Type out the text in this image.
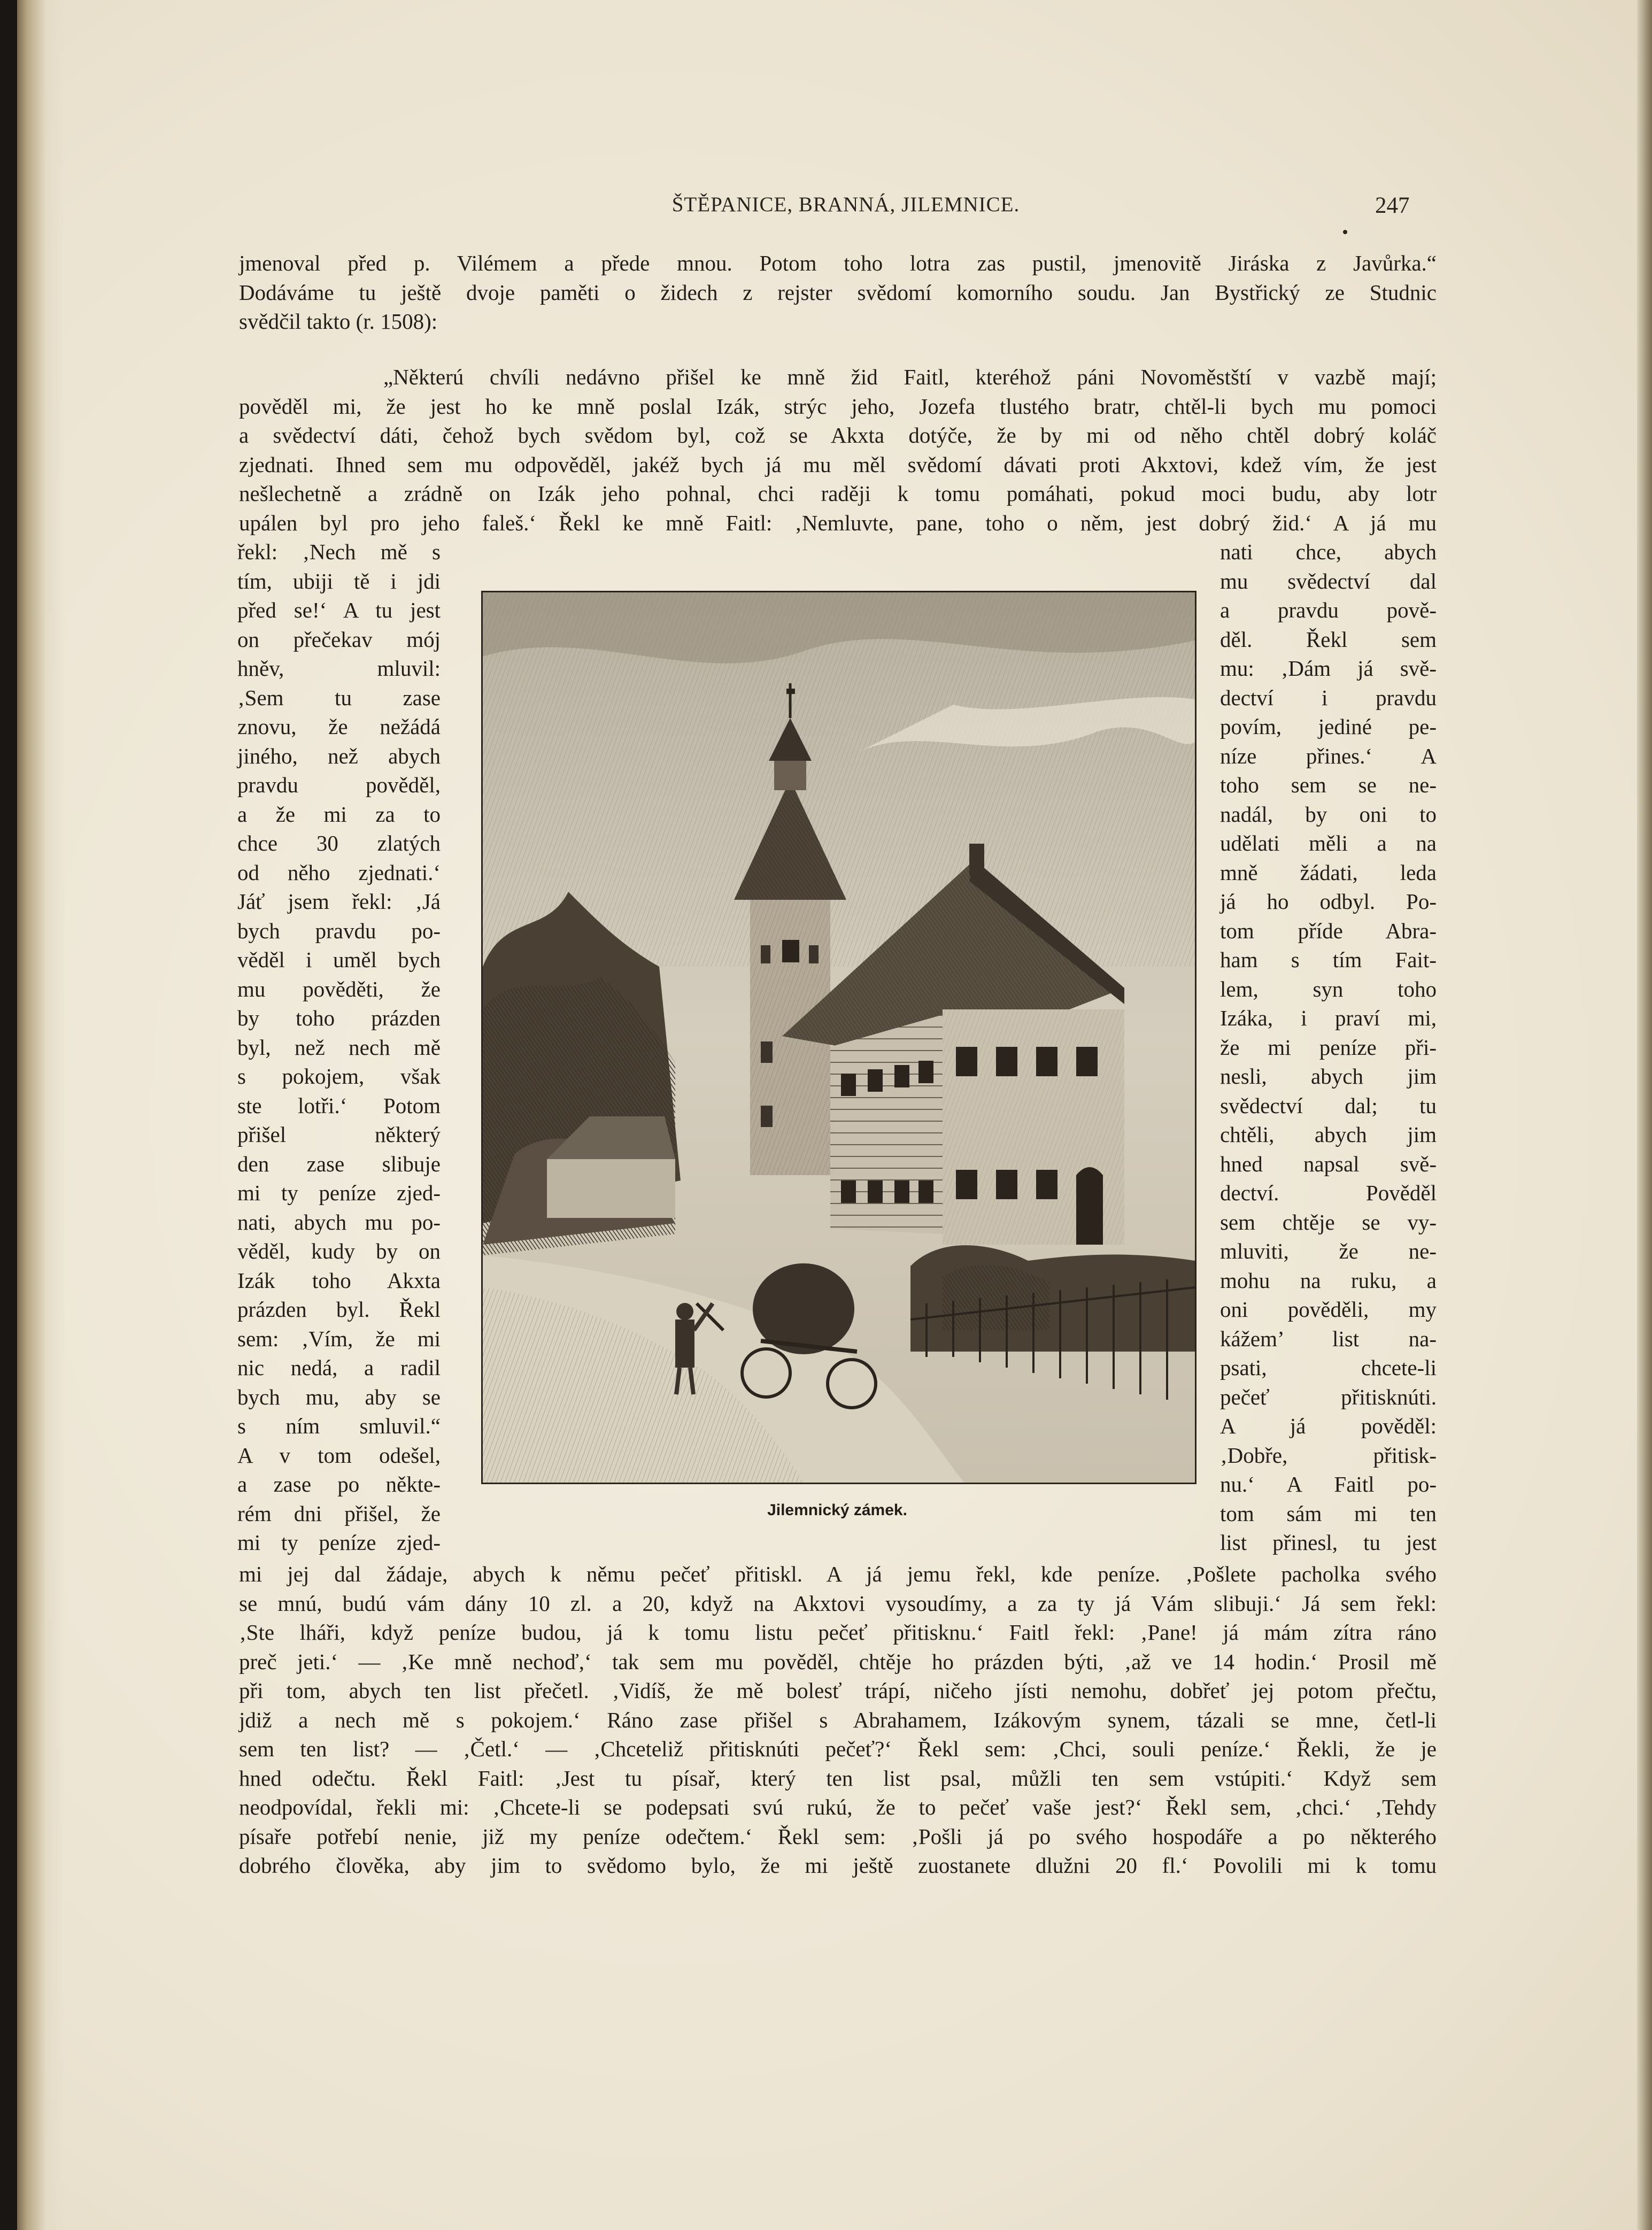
ŠTĚPANICE, BRANNÁ, JILEMNICE.	247
jmenoval před p. Vilémem a přede mnou. Potom toho lotra zas pustil, jmenovitě Jiráska z Javůrka.“
Dodáváme tu ještě dvoje paměti o židech z rejster svědomí komorního soudu. Jan Bystřický ze Studnic
svědčil takto (r. 1508):
„Některú chvíli nedávno přišel ke mně žid Faitl, kteréhož páni Novoměstští v vazbě mají;
pověděl mi, že jest ho ke mně poslal Izák, strýc jeho, Jozefa tlustého bratr, chtěl-li bych mu pomoci
a svědectví dáti, čehož bych svědom byl, což se Akxta dotýče, že by mi od něho chtěl dobrý koláč
zjednati. Ihned sem mu odpověděl, jakéž bych já mu měl svědomí dávati proti Akxtovi, kdež vím, že jest
nešlechetně a zrádně on Izák jeho pohnal, chci raději k tomu pomáhati, pokud moci budu, aby lotr
upálen byl pro jeho faleš.‘ Řekl ke mně Faitl: ‚Nemluvte, pane, toho o něm, jest dobrý žid.‘ A já mu
řekl: ‚Nech mě s
tím, ubiji tě i jdi
před se!‘ A tu jest
on přečekav mój
hněv, mluvil:
‚Sem tu zase
znovu, že nežádá
jiného, než abych
pravdu pověděl,
a že mi za to
chce 30 zlatých
od něho zjednati.‘
Jáť jsem řekl: ‚Já
bych pravdu po-
věděl i uměl bych
mu pověděti, že
by toho prázden
byl, než nech mě
s pokojem, však
ste lotři.‘ Potom
přišel některý
den zase slibuje
mi ty peníze zjed-
nati, abych mu po-
věděl, kudy by on
Izák toho Akxta
prázden byl. Řekl
sem: ‚Vím, že mi
nic nedá, a radil
bych mu, aby se
s ním smluvil.“
A v tom odešel,
a zase po někte-
rém dni přišel, že
mi ty peníze zjed-
nati chce, abych
mu svědectví dal
a pravdu pově-
děl. Řekl sem
mu: ‚Dám já svě-
dectví i pravdu
povím, jediné pe-
níze přines.‘ A
toho sem se ne-
nadál, by oni to
udělati měli a na
mně žádati, leda
já ho odbyl. Po-
tom příde Abra-
ham s tím Fait-
lem, syn toho
Izáka, i praví mi,
že mi peníze při-
nesli, abych jim
svědectví dal; tu
chtěli, abych jim
hned napsal svě-
dectví. Pověděl
sem chtěje se vy-
mluviti, že ne-
mohu na ruku, a
oni pověděli, my
kážem’ list na-
psati, chcete-li
pečeť přitisknúti.
A já pověděl:
‚Dobře, přitisk-
nu.‘ A Faitl po-
tom sám mi ten
list přinesl, tu jest
Jilemnický zámek.
mi jej dal žádaje, abych k němu pečeť přitiskl. A já jemu řekl, kde peníze. ‚Pošlete pacholka svého
se mnú, budú vám dány 10 zl. a 20, když na Akxtovi vysoudímy, a za ty já Vám slibuji.‘ Já sem řekl:
‚Ste lháři, když peníze budou, já k tomu listu pečeť přitisknu.‘ Faitl řekl: ‚Pane! já mám zítra ráno
preč jeti.‘ — ‚Ke mně nechoď,‘ tak sem mu pověděl, chtěje ho prázden býti, ‚až ve 14 hodin.‘ Prosil mě
při tom, abych ten list přečetl. ‚Vidíš, že mě bolesť trápí, ničeho jísti nemohu, dobřeť jej potom přečtu,
jdiž a nech mě s pokojem.‘ Ráno zase přišel s Abrahamem, Izákovým synem, tázali se mne, četl-li
sem ten list? — ‚Četl.‘ — ‚Chceteliž přitisknúti pečeť?‘ Řekl sem: ‚Chci, souli peníze.‘ Řekli, že je
hned odečtu. Řekl Faitl: ‚Jest tu písař, který ten list psal, můžli ten sem vstúpiti.‘ Když sem
neodpovídal, řekli mi: ‚Chcete-li se podepsati svú rukú, že to pečeť vaše jest?‘ Řekl sem, ‚chci.‘ ‚Tehdy
písaře potřebí nenie, již my peníze odečtem.‘ Řekl sem: ‚Pošli já po svého hospodáře a po některého
dobrého člověka, aby jim to svědomo bylo, že mi ještě zuostanete dlužni 20 fl.‘ Povolili mi k tomu
